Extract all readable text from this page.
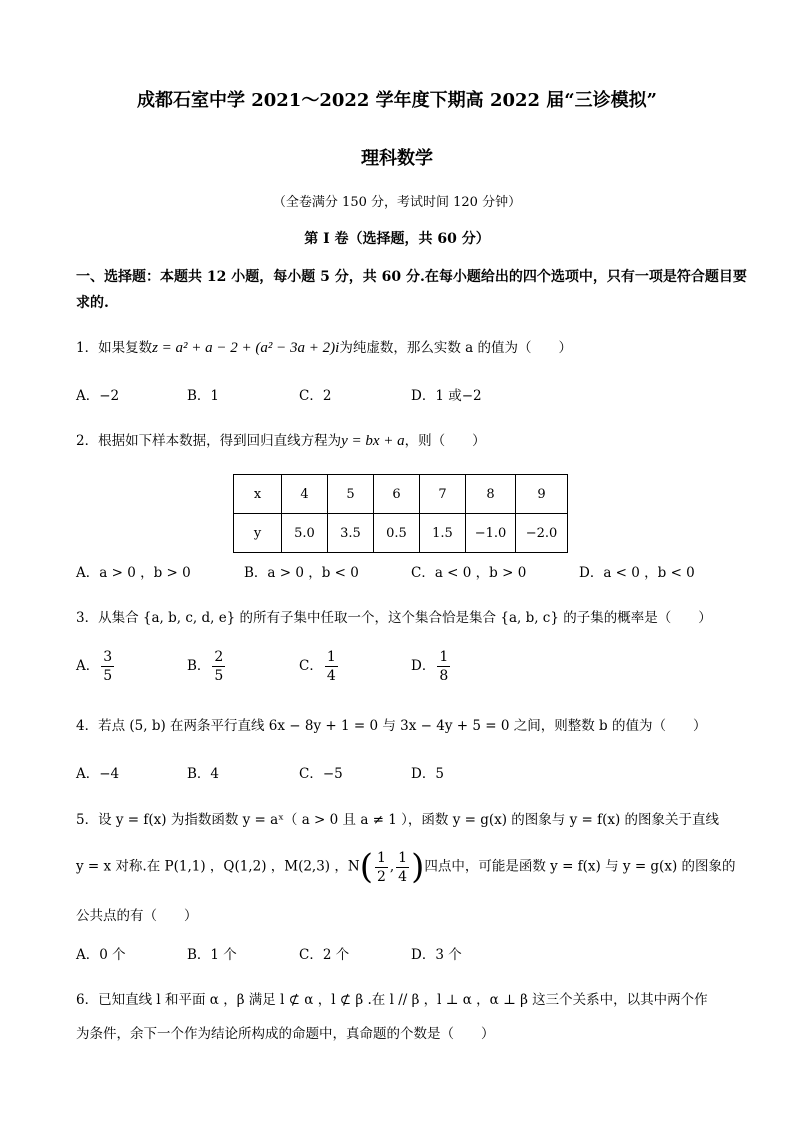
成都石室中学 2021～2022 学年度下期高 2022 届“三诊模拟”
理科数学
（全卷满分 150 分，考试时间 120 分钟）
第 I 卷（选择题，共 60 分）
一、选择题：本题共 12 小题，每小题 5 分，共 60 分.在每小题给出的四个选项中，只有一项是符合题目要
求的.
1．如果复数z = a² + a − 2 + (a² − 3a + 2)i为纯虚数，那么实数 a 的值为（　　）
A．−2	B．1	C．2	D．1 或−2
2．根据如下样本数据，得到回归直线方程为y = bx + a，则（　　）
x	4	5	6	7	8	9
y	5.0	3.5	0.5	1.5	−1.0	−2.0
A．a > 0 ，b > 0	B．a > 0 ，b < 0	C．a < 0 ，b > 0	D．a < 0 ，b < 0
3．从集合 {a, b, c, d, e} 的所有子集中任取一个，这个集合恰是集合 {a, b, c} 的子集的概率是（　　）
A． $\frac{3}{5}$	B． $\frac{2}{5}$	C． $\frac{1}{4}$	D． $\frac{1}{8}$
4．若点 (5, b) 在两条平行直线 6x − 8y + 1 = 0 与 3x − 4y + 5 = 0 之间，则整数 b 的值为（　　）
A．−4	B．4	C．−5	D．5
5．设 y = f(x) 为指数函数 y = aˣ（ a > 0 且 a ≠ 1 ），函数 y = g(x) 的图象与 y = f(x) 的图象关于直线
y = x 对称.在 P(1,1) ，Q(1,2) ，M(2,3) ，$N( \frac{1}{2}$ , $\frac{1}{4}$ )四点中，可能是函数 y = f(x) 与 y = g(x) 的图象的
公共点的有（　　）
A．0 个	B．1 个	C．2 个	D．3 个
6．已知直线 l 和平面 α ，β 满足 l ⊄ α ，l ⊄ β .在 l // β ，l ⊥ α ，α ⊥ β 这三个关系中，以其中两个作
为条件，余下一个作为结论所构成的命题中，真命题的个数是（　　）
